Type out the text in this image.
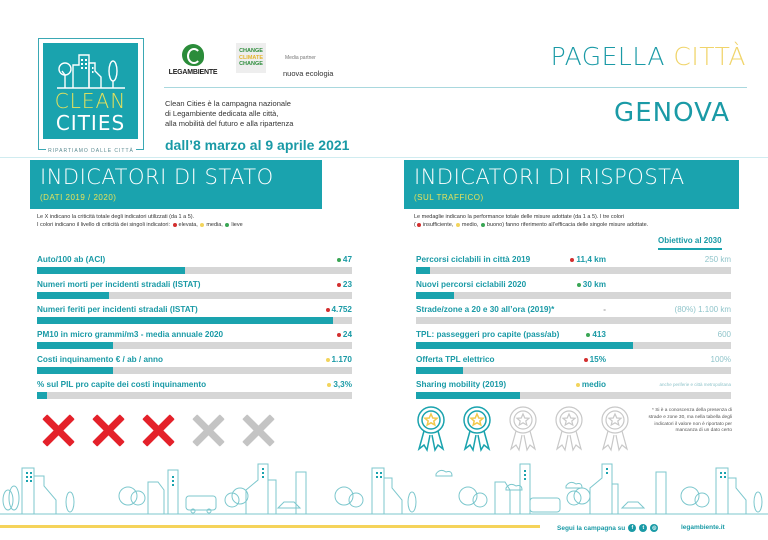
CLEAN
CITIES
RIPARTIAMO DALLE CITTÀ
LEGAMBIENTE
CHANGE
CLIMATE
CHANGE
Media partner
nuova ecologia
Clean Cities è la campagna nazionale
di Legambiente dedicata alle città,
alla mobilità del futuro e alla ripartenza
dall’8 marzo al 9 aprile 2021
PAGELLA CITTÀ
GENOVA
INDICATORI DI STATO
(DATI 2019 / 2020)
INDICATORI DI RISPOSTA
(SUL TRAFFICO)
Le X indicano la criticità totale degli indicatori utilizzati (da 1 a 5).
I colori indicano il livello di criticità dei singoli indicatori: elevata, media, lieve
Le medaglie indicano la performance totale delle misure adottate (da 1 a 5). I tre colori
( insufficiente, medio, buono) fanno riferimento all’efficacia delle singole misure adottate.
Obiettivo al 2030
Auto/100 ab (ACI)	47
Numeri morti per incidenti stradali (ISTAT)	23
Numeri feriti per incidenti stradali (ISTAT)	4.752
PM10 in micro grammi/m3 - media annuale 2020	24
Costi inquinamento € / ab / anno	1.170
% sul PIL pro capite dei costi inquinamento	3,3%
Percorsi ciclabili in città 2019	11,4 km	250 km
Nuovi percorsi ciclabili 2020	30 km
Strade/zone a 20 e 30 all’ora (2019)*	-	(80%) 1.100 km
TPL: passeggeri pro capite (pass/ab)	413	600
Offerta TPL elettrico	15%	100%
Sharing mobility (2019)	medio	anche periferie e città metropolitana
* Si è a conoscenza della presenza di strade e zone 30, ma nella tabella degli indicatori il valore non è riportato per mancanza di un dato certo
Segui la campagna su	f	t	◎	legambiente.it
